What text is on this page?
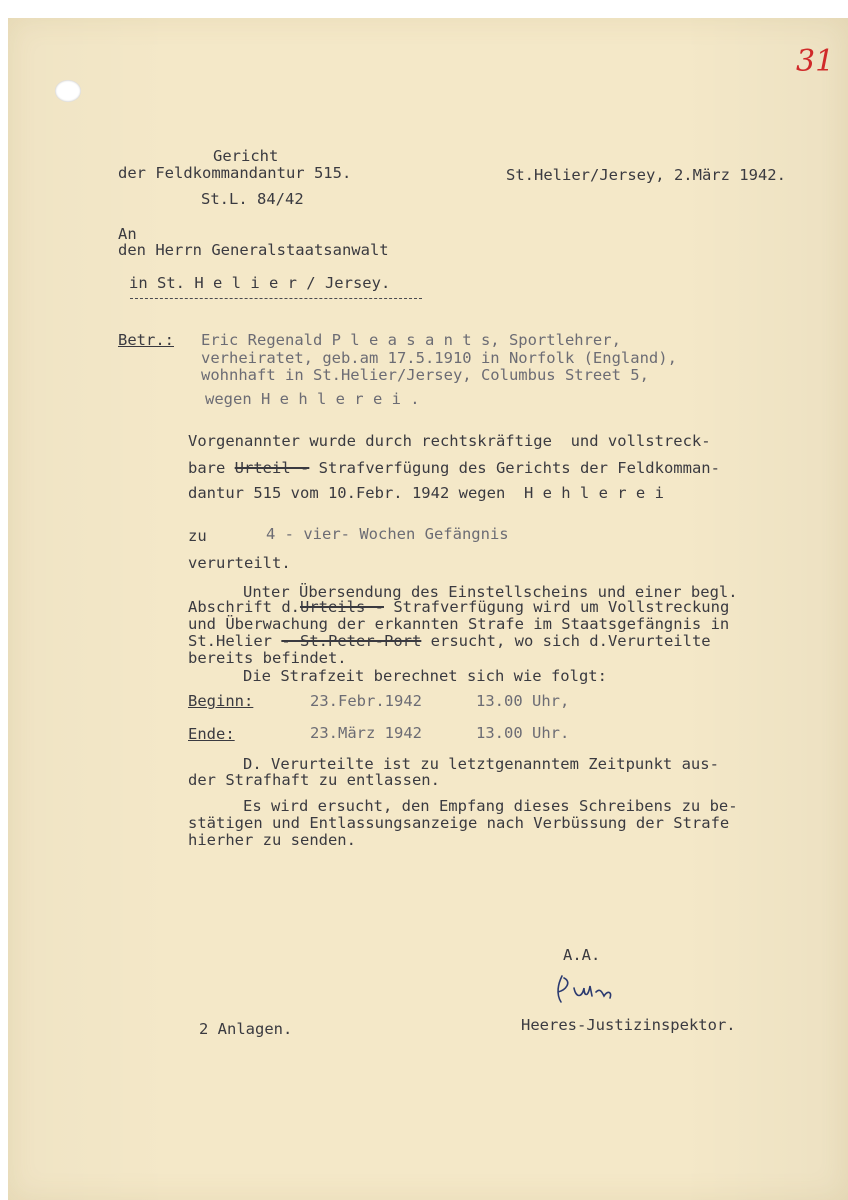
31
Gericht
der Feldkommandantur 515.
St.L. 84/42
St.Helier/Jersey, 2.März 1942.
An
den Herrn Generalstaatsanwalt
in St. H e l i e r / Jersey.
Betr.: Eric Regenald P l e a s a n t s, Sportlehrer,
verheiratet, geb.am 17.5.1910 in Norfolk (England),
wohnhaft in St.Helier/Jersey, Columbus Street 5,
wegen H e h l e r e i .
Vorgenannter wurde durch rechtskräftige  und vollstreck-
bare Urteil - Strafverfügung des Gerichts der Feldkomman-
dantur 515 vom 10.Febr. 1942 wegen  H e h l e r e i
zu	4 - vier- Wochen Gefängnis
verurteilt.
Unter Übersendung des Einstellscheins und einer begl.
Abschrift d.Urteils - Strafverfügung wird um Vollstreckung
und Überwachung der erkannten Strafe im Staatsgefängnis in
St.Helier - St.Peter-Port ersucht, wo sich d.Verurteilte
bereits befindet.
Die Strafzeit berechnet sich wie folgt:
Beginn:	23.Febr.1942	13.00 Uhr,
Ende:	23.März 1942	13.00 Uhr.
D. Verurteilte ist zu letztgenanntem Zeitpunkt aus-
der Strafhaft zu entlassen.
Es wird ersucht, den Empfang dieses Schreibens zu be-
stätigen und Entlassungsanzeige nach Verbüssung der Strafe
hierher zu senden.
A.A.
2 Anlagen.	Heeres-Justizinspektor.
